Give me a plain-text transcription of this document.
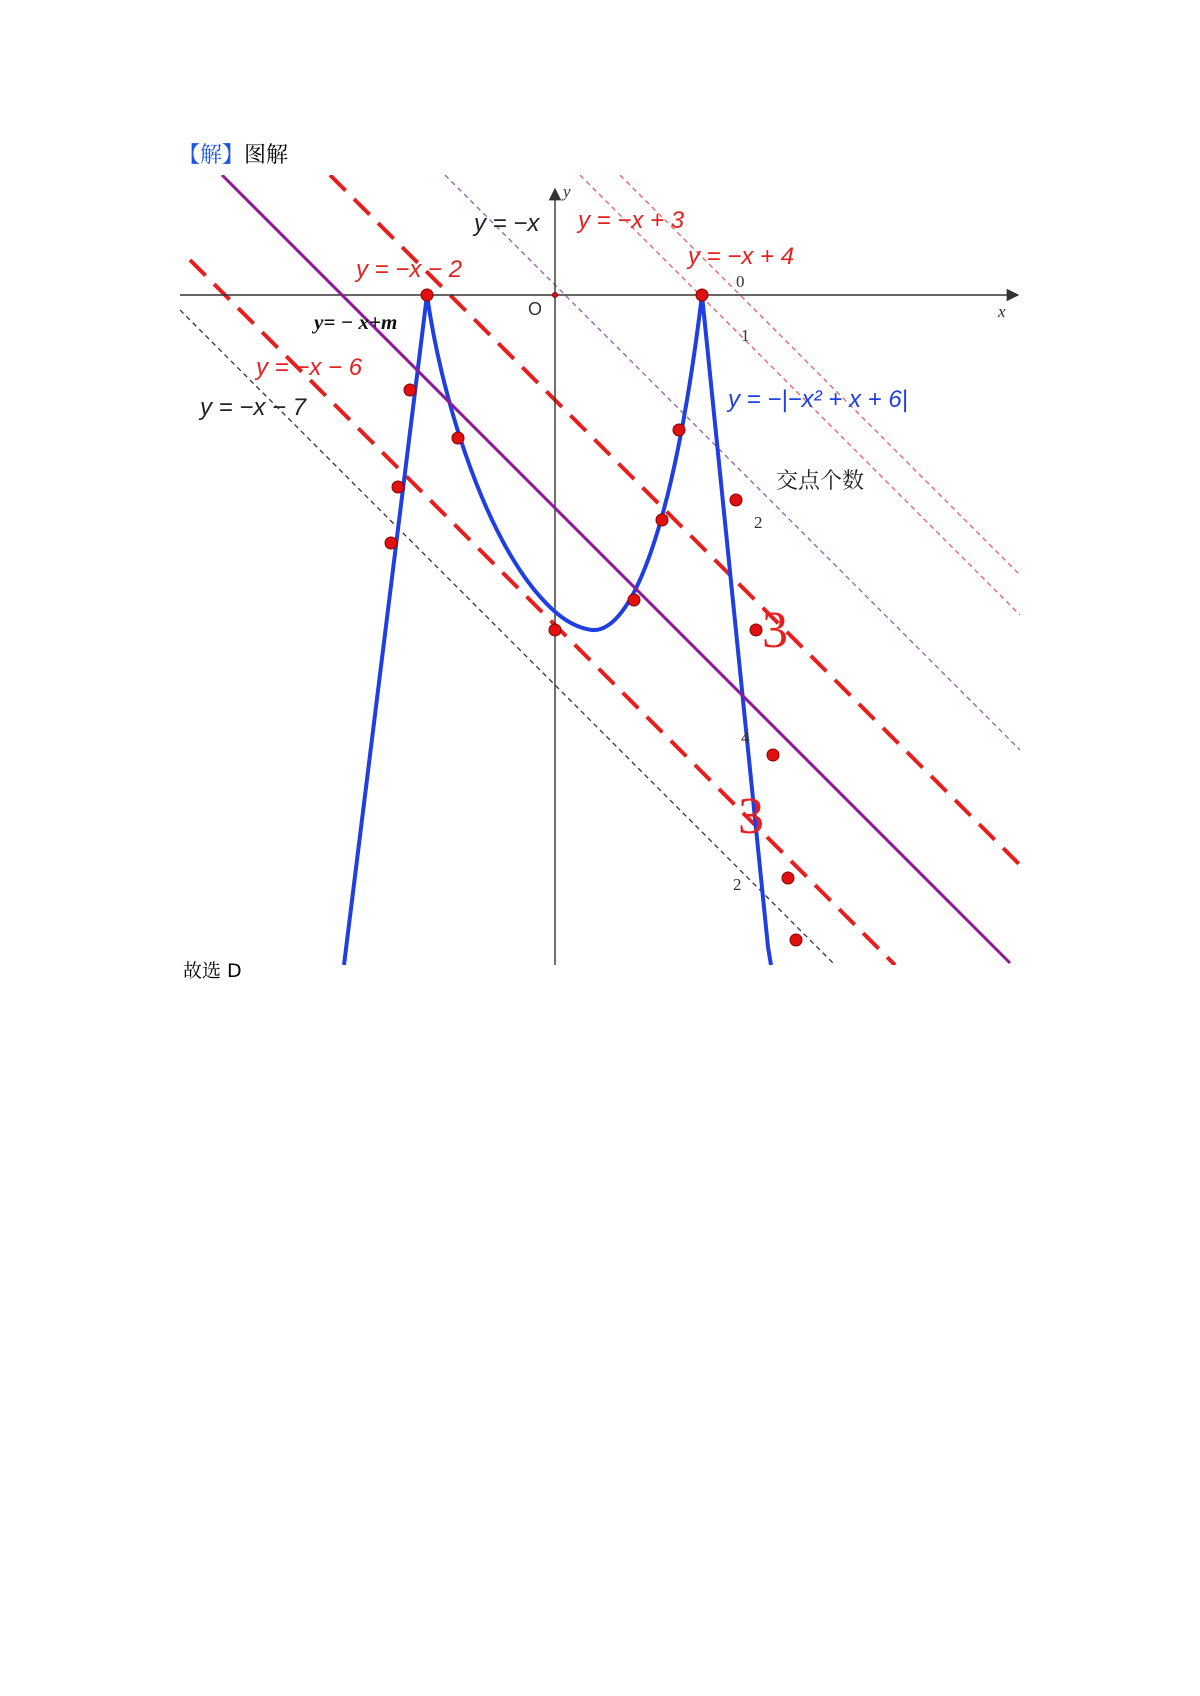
【解】图解
y
x
O
y = −x y = −x + 3
y = −x + 4
y = −x − 2
y= − x+m
y = −x − 6
y = −x − 7	y = −|−x² + x + 6|
交点个数
0
1
2
3
4
3
2
故选 D
